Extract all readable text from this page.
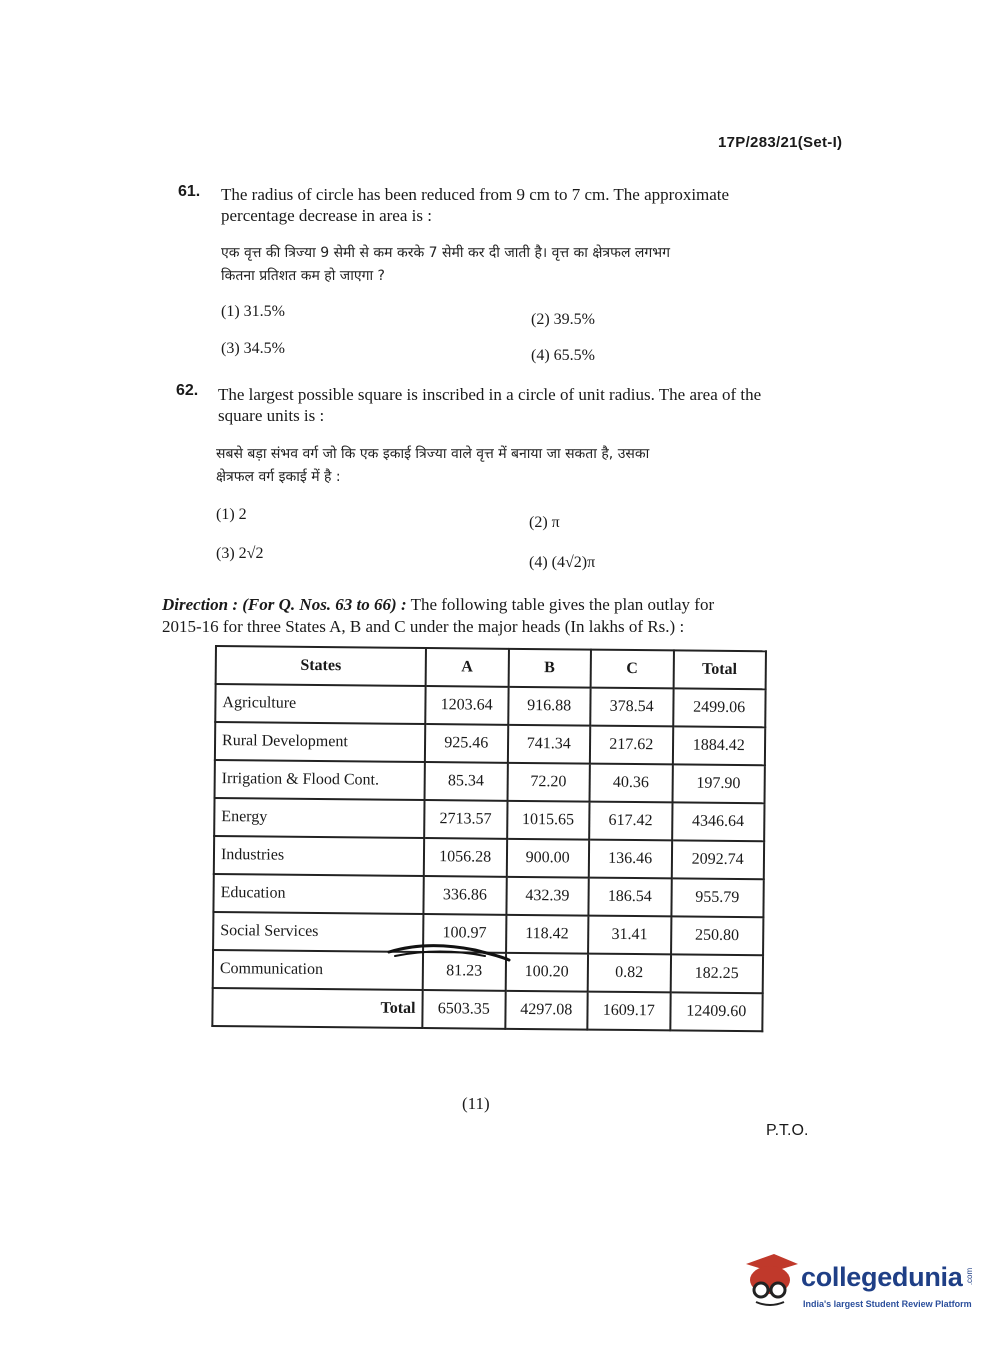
17P/283/21(Set-I)
61. The radius of circle has been reduced from 9 cm to 7 cm. The approximate
percentage decrease in area is :
एक वृत्त की त्रिज्या 9 सेमी से कम करके 7 सेमी कर दी जाती है। वृत्त का क्षेत्रफल लगभग
कितना प्रतिशत कम हो जाएगा ?
(1) 31.5%	(2) 39.5%
(3) 34.5%	(4) 65.5%
62. The largest possible square is inscribed in a circle of unit radius. The area of the
square units is :
सबसे बड़ा संभव वर्ग जो कि एक इकाई त्रिज्या वाले वृत्त में बनाया जा सकता है, उसका
क्षेत्रफल वर्ग इकाई में है :
(1) 2	(2) π
(3) 2√2
(4) (4√2)π
Direction : (For Q. Nos. 63 to 66) : The following table gives the plan outlay for
2015-16 for three States A, B and C under the major heads (In lakhs of Rs.) :
States	A	B	C	Total
Agriculture	1203.64	916.88	378.54	2499.06
Rural Development	925.46	741.34	217.62	1884.42
Irrigation & Flood Cont.	85.34	72.20	40.36	197.90
Energy	2713.57	1015.65	617.42	4346.64
Industries	1056.28	900.00	136.46	2092.74
Education	336.86	432.39	186.54	955.79
Social Services	100.97	118.42	31.41	250.80
Communication	81.23	100.20	0.82	182.25
Total	6503.35	4297.08	1609.17	12409.60
(11)
P.T.O.
collegedunia .com
India's largest Student Review Platform
